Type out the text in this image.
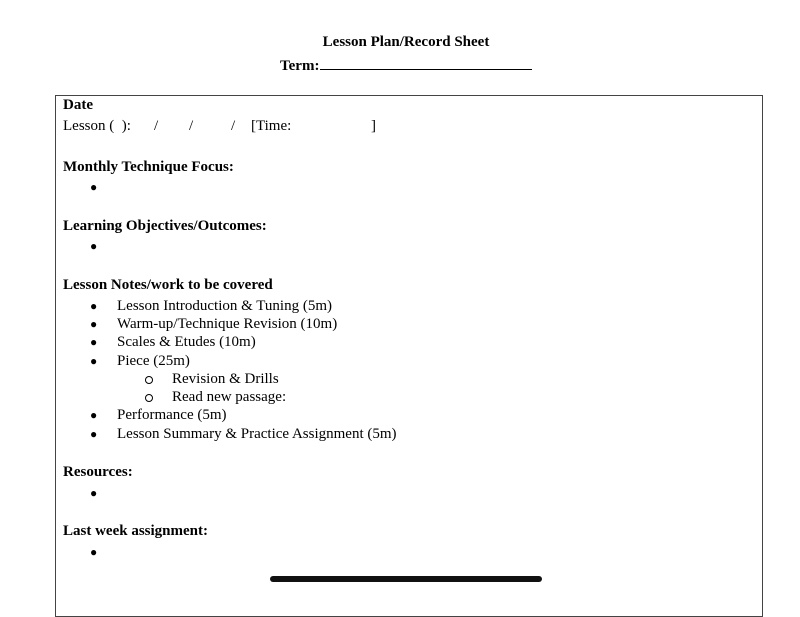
Lesson Plan/Record Sheet
Term:
Date
Lesson (  ): / /	/ [Time:	]
Monthly Technique Focus:
●
Learning Objectives/Outcomes:
●
Lesson Notes/work to be covered
● Lesson Introduction & Tuning (5m)
● Warm-up/Technique Revision (10m)
● Scales & Etudes (10m)
● Piece (25m)
Revision & Drills
Read new passage:
● Performance (5m)
● Lesson Summary & Practice Assignment (5m)
Resources:
●
Last week assignment:
●
